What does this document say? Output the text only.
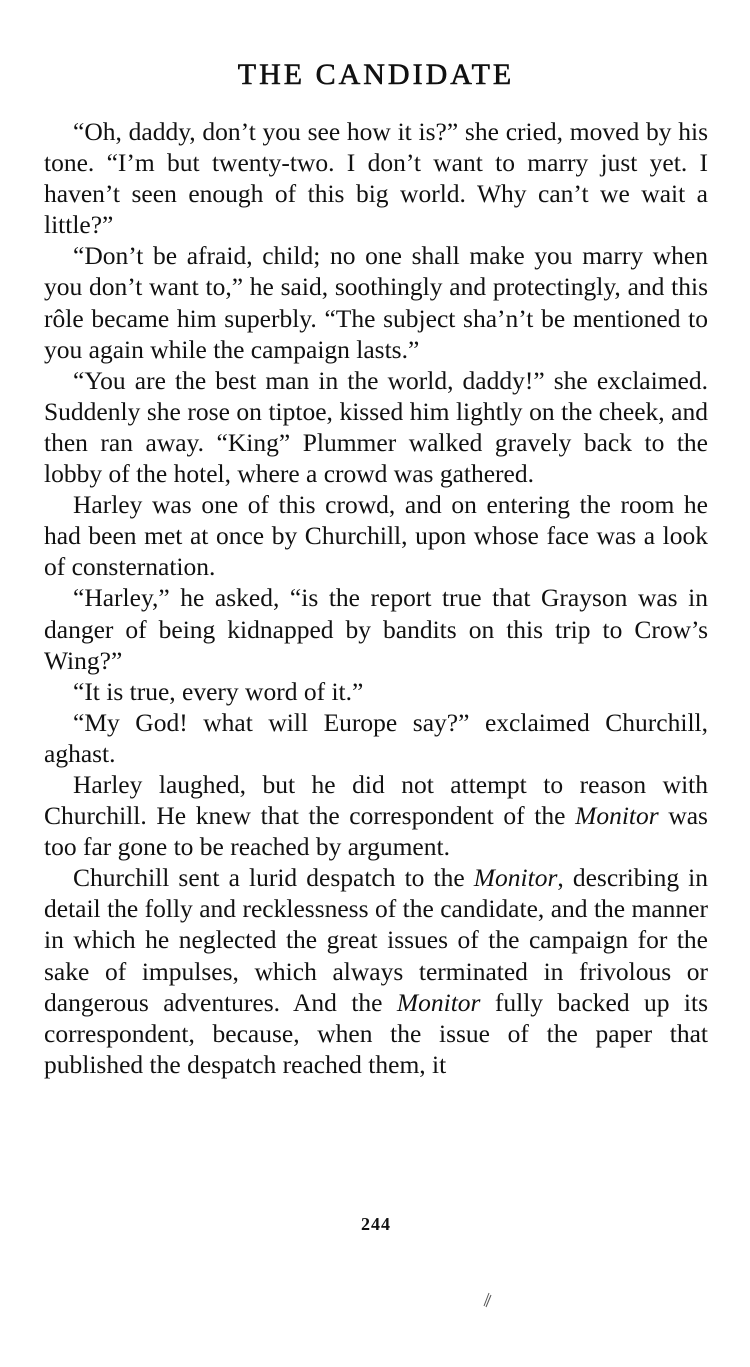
THE CANDIDATE

“Oh, daddy, don’t you see how it is?” she cried, moved by his tone. “I’m but twenty-two. I don’t want to marry just yet. I haven’t seen enough of this big world. Why can’t we wait a little?”

“Don’t be afraid, child; no one shall make you marry when you don’t want to,” he said, soothingly and protectingly, and this rôle became him superbly. “The subject sha’n’t be mentioned to you again while the campaign lasts.”

“You are the best man in the world, daddy!” she exclaimed. Suddenly she rose on tiptoe, kissed him lightly on the cheek, and then ran away. “King” Plummer walked gravely back to the lobby of the hotel, where a crowd was gathered.

Harley was one of this crowd, and on entering the room he had been met at once by Churchill, upon whose face was a look of consternation.

“Harley,” he asked, “is the report true that Grayson was in danger of being kidnapped by bandits on this trip to Crow’s Wing?”

“It is true, every word of it.”

“My God! what will Europe say?” exclaimed Churchill, aghast.

Harley laughed, but he did not attempt to reason with Churchill. He knew that the correspondent of the Monitor was too far gone to be reached by argument.

Churchill sent a lurid despatch to the Monitor, describing in detail the folly and recklessness of the candidate, and the manner in which he neglected the great issues of the campaign for the sake of impulses, which always terminated in frivolous or dangerous adventures. And the Monitor fully backed up its correspondent, because, when the issue of the paper that published the despatch reached them, it

244
